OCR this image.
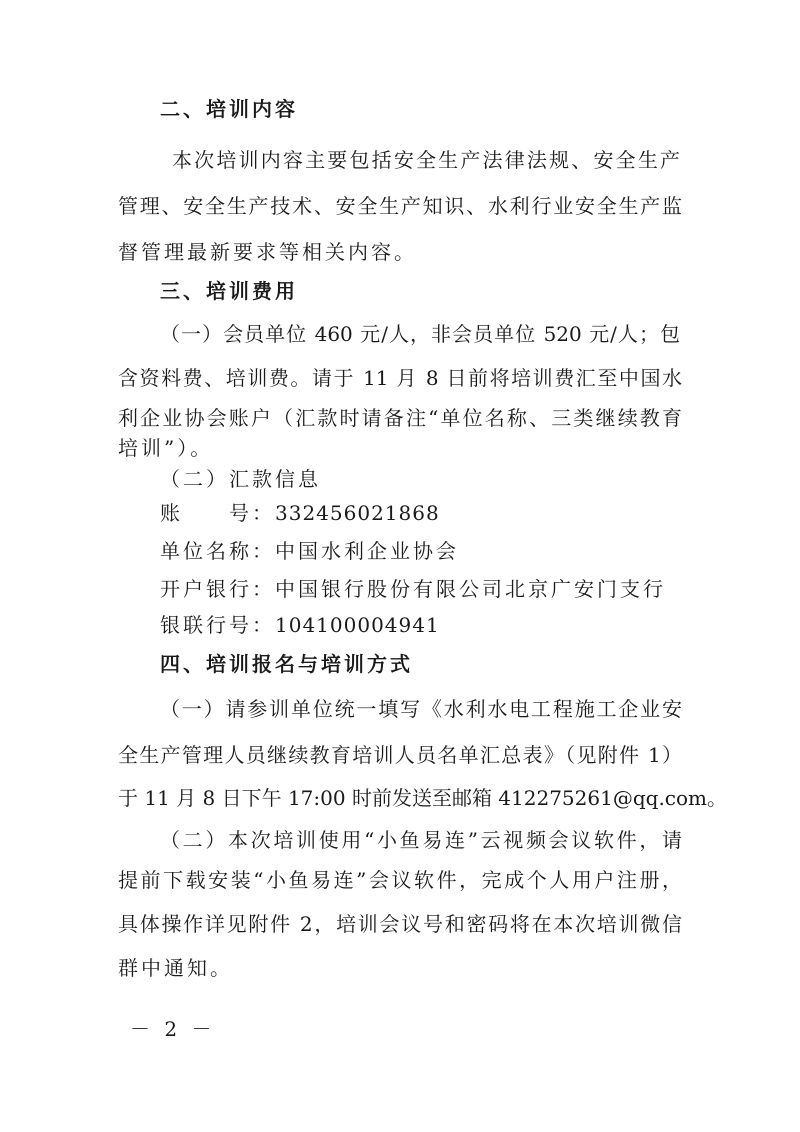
二、培训内容
本次培训内容主要包括安全生产法律法规、安全生产
管理、安全生产技术、安全生产知识、水利行业安全生产监
督管理最新要求等相关内容。
三、培训费用
（一）会员单位 460 元/人，非会员单位 520 元/人；包
含资料费、培训费。请于 11 月 8 日前将培训费汇至中国水
利企业协会账户（汇款时请备注“单位名称、三类继续教育
培训”）。
（二）汇款信息
账　　号：332456021868
单位名称：中国水利企业协会
开户银行：中国银行股份有限公司北京广安门支行
银联行号：104100004941
四、培训报名与培训方式
（一）请参训单位统一填写《水利水电工程施工企业安
全生产管理人员继续教育培训人员名单汇总表》（见附件 1）
于 11 月 8 日下午 17:00 时前发送至邮箱 412275261@qq.com。
（二）本次培训使用“小鱼易连”云视频会议软件，请
提前下载安装“小鱼易连”会议软件，完成个人用户注册，
具体操作详见附件 2，培训会议号和密码将在本次培训微信
群中通知。
－ 2 －
